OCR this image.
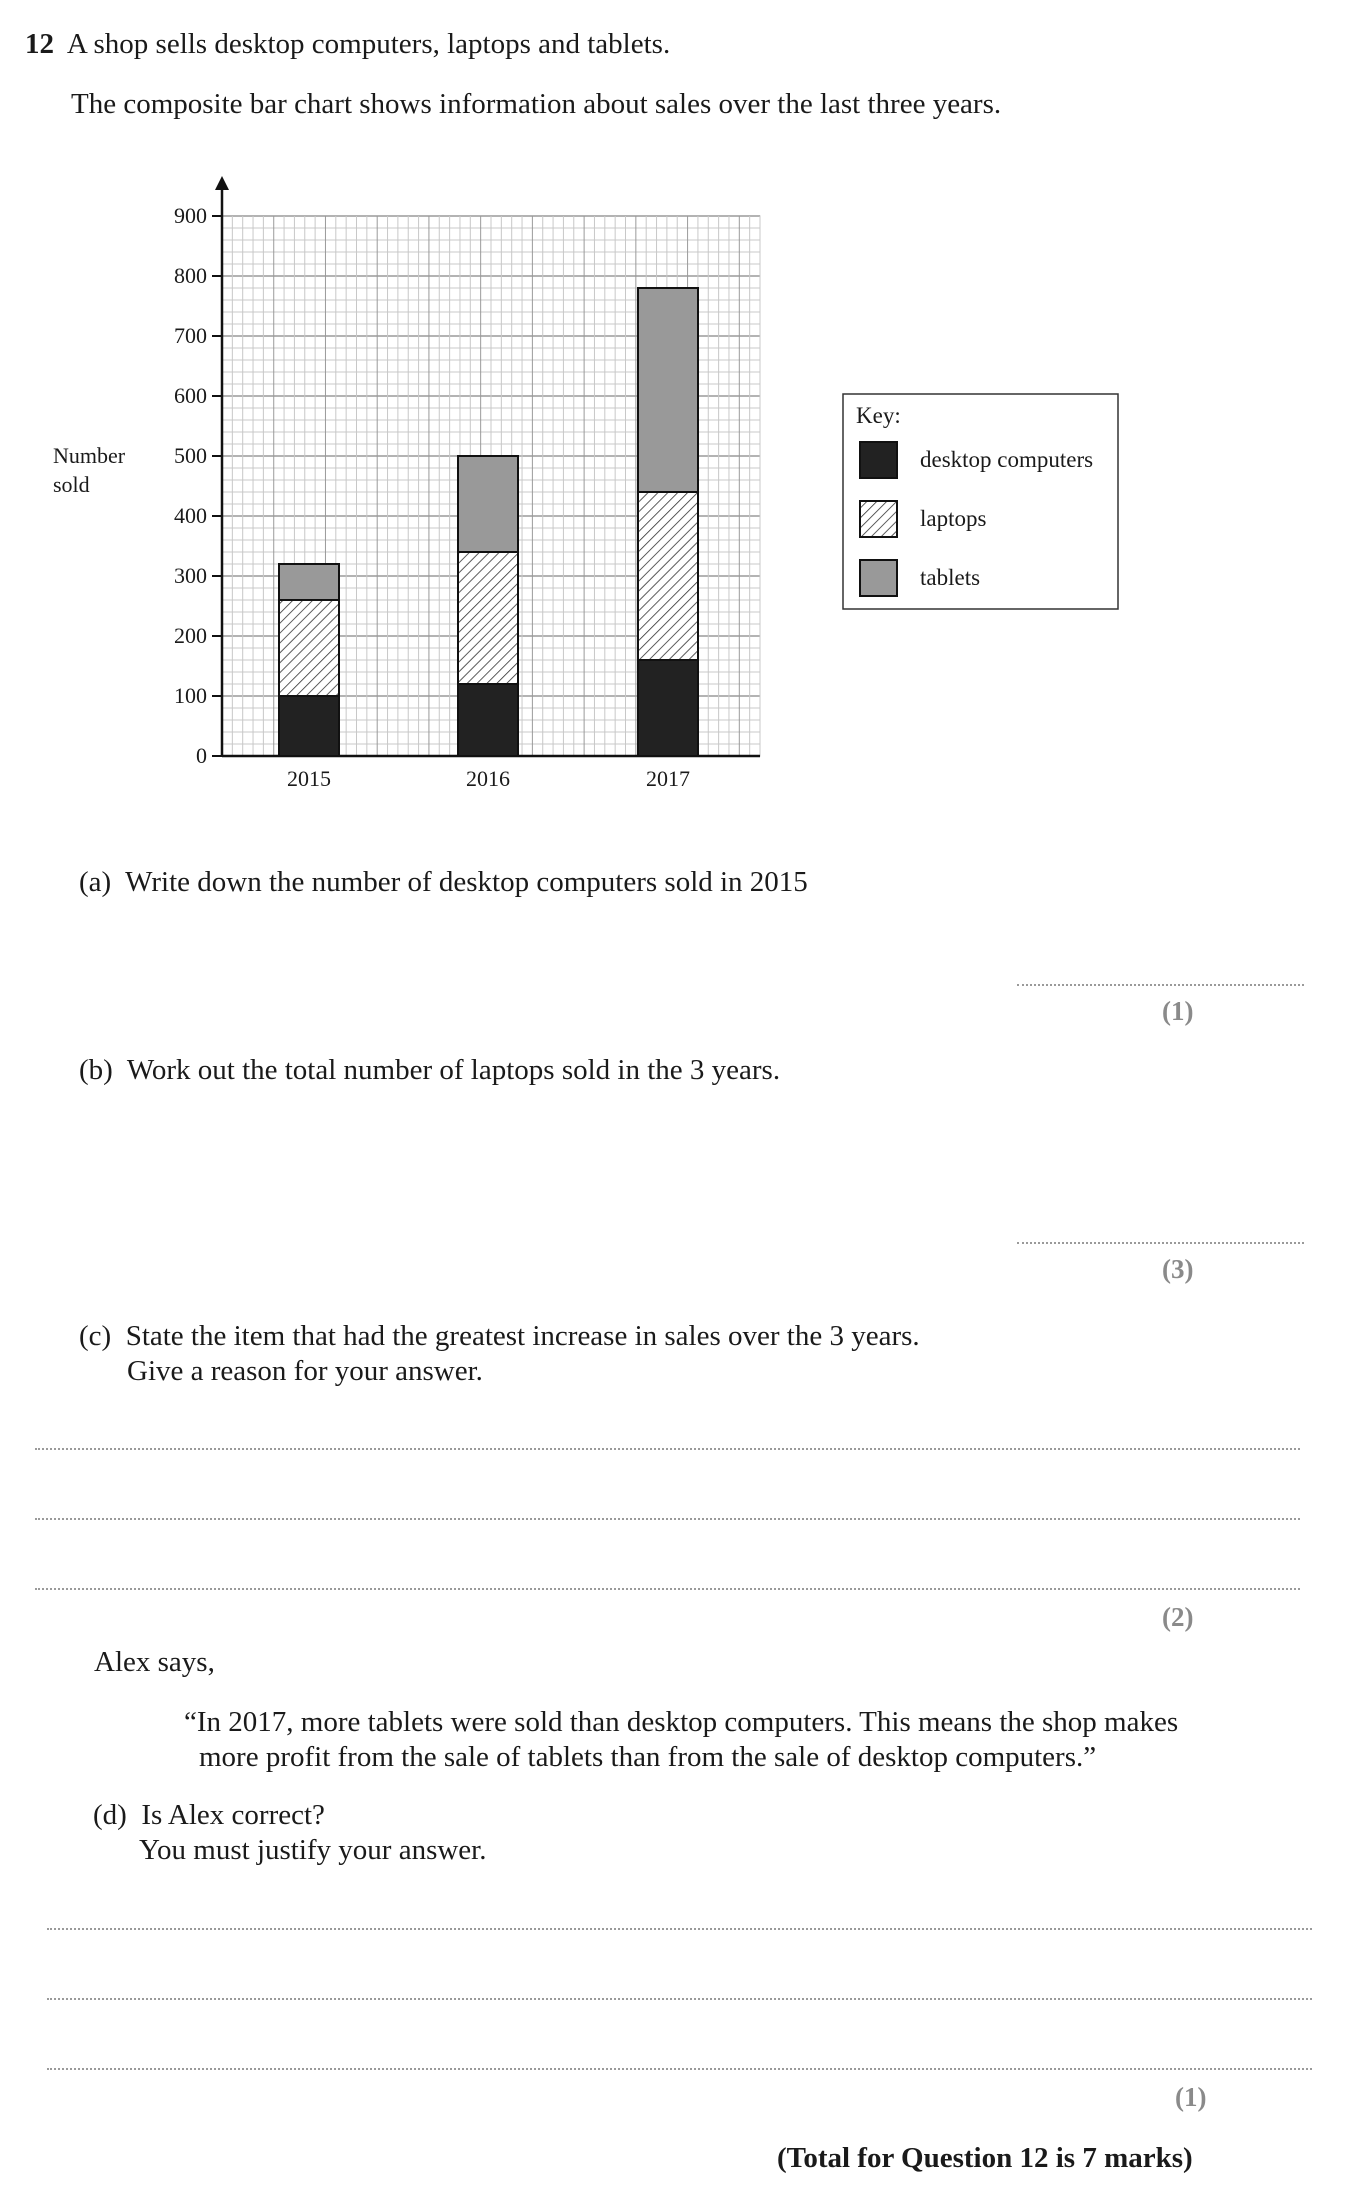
12 A shop sells desktop computers, laptops and tablets.
The composite bar chart shows information about sales over the last three years.
0
100
200
300
400
500
600
700
800
900
Number
sold
2015	2016	2017
Key:
desktop computers
laptops
tablets
(a) Write down the number of desktop computers sold in 2015
(1)
(b) Work out the total number of laptops sold in the 3 years.
(3)
(c) State the item that had the greatest increase in sales over the 3 years.
Give a reason for your answer.
(2)
Alex says,
“In 2017, more tablets were sold than desktop computers. This means the shop makes
more profit from the sale of tablets than from the sale of desktop computers.”
(d) Is Alex correct?
You must justify your answer.
(1)
(Total for Question 12 is 7 marks)
